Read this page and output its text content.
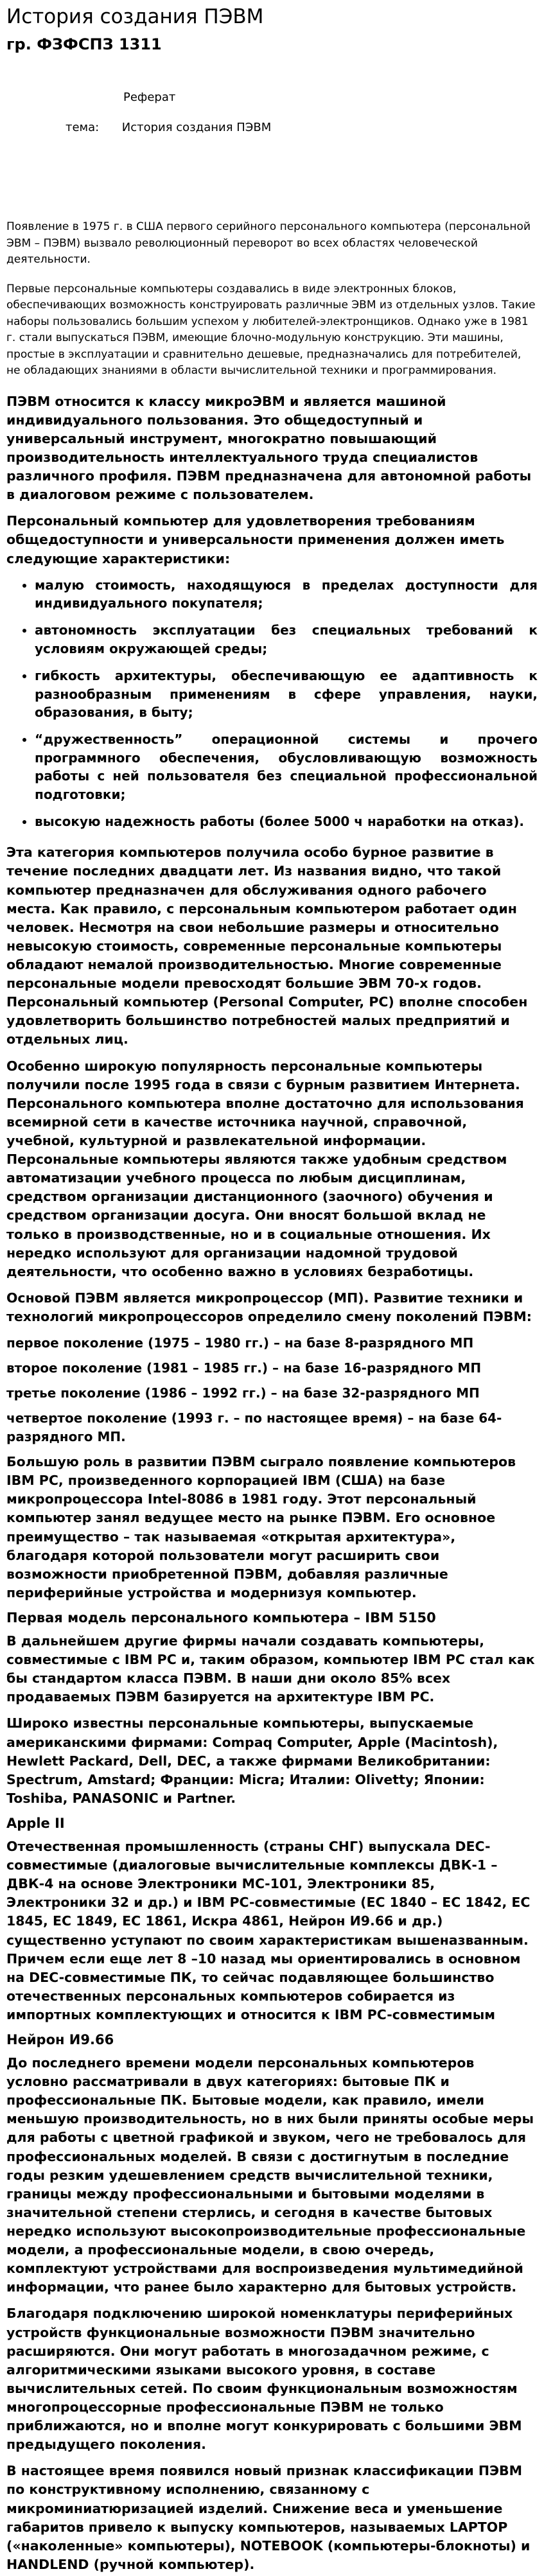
История создания ПЭВМ
гр. ФЗФСПЗ 1311
Реферат
тема: История создания ПЭВМ

Появление в 1975 г. в США первого серийного персонального компьютера (персональной ЭВМ – ПЭВМ) вызвало революционный переворот во всех областях человеческой деятельности.

Первые персональные компьютеры создавались в виде электронных блоков, обеспечивающих возможность конструировать различные ЭВМ из отдельных узлов. Такие наборы пользовались большим успехом у любителей-электронщиков. Однако уже в 1981 г. стали выпускаться ПЭВМ, имеющие блочно-модульную конструкцию. Эти машины, простые в эксплуатации и сравнительно дешевые, предназначались для потребителей, не обладающих знаниями в области вычислительной техники и программирования.

ПЭВМ относится к классу микроЭВМ и является машиной индивидуального пользования. Это общедоступный и универсальный инструмент, многократно повышающий производительность интеллектуального труда специалистов различного профиля. ПЭВМ предназначена для автономной работы в диалоговом режиме с пользователем.

Персональный компьютер для удовлетворения требованиям общедоступности и универсальности применения должен иметь следующие характеристики:

• малую стоимость, находящуюся в пределах доступности для индивидуального покупателя;
• автономность эксплуатации без специальных требований к условиям окружающей среды;
• гибкость архитектуры, обеспечивающую ее адаптивность к разнообразным применениям в сфере управления, науки, образования, в быту;
• “дружественность” операционной системы и прочего программного обеспечения, обусловливающую возможность работы с ней пользователя без специальной профессиональной подготовки;
• высокую надежность работы (более 5000 ч наработки на отказ).

Эта категория компьютеров получила особо бурное развитие в течение последних двадцати лет. Из названия видно, что такой компьютер предназначен для обслуживания одного рабочего места. Как правило, с персональным компьютером работает один человек. Несмотря на свои небольшие размеры и относительно невысокую стоимость, современные персональные компьютеры обладают немалой производительностью. Многие современные персональные модели превосходят большие ЭВМ 70-х годов. Персональный компьютер (Personal Computer, PC) вполне способен удовлетворить большинство потребностей малых предприятий и отдельных лиц.

Особенно широкую популярность персональные компьютеры получили после 1995 года в связи с бурным развитием Интернета. Персонального компьютера вполне достаточно для использования всемирной сети в качестве источника научной, справочной, учебной, культурной и развлекательной информации. Персональные компьютеры являются также удобным средством автоматизации учебного процесса по любым дисциплинам, средством организации дистанционного (заочного) обучения и средством организации досуга. Они вносят большой вклад не только в производственные, но и в социальные отношения. Их нередко используют для организации надомной трудовой деятельности, что особенно важно в условиях безработицы.

Основой ПЭВМ является микропроцессор (МП). Развитие техники и технологий микропроцессоров определило смену поколений ПЭВМ:

первое поколение (1975 – 1980 гг.) – на базе 8-разрядного МП

второе поколение (1981 – 1985 гг.) – на базе 16-разрядного МП

третье поколение (1986 – 1992 гг.) – на базе 32-разрядного МП

четвертое поколение (1993 г. – по настоящее время) – на базе 64-разрядного МП.

Большую роль в развитии ПЭВМ сыграло появление компьютеров IBM PC, произведенного корпорацией IBM (США) на базе микропроцессора Intel-8086 в 1981 году. Этот персональный компьютер занял ведущее место на рынке ПЭВМ. Его основное преимущество – так называемая «открытая архитектура», благодаря которой пользователи могут расширить свои возможности приобретенной ПЭВМ, добавляя различные периферийные устройства и модернизуя компьютер.

Первая модель персонального компьютера – IBM 5150

В дальнейшем другие фирмы начали создавать компьютеры, совместимые с IBM PC и, таким образом, компьютер IBM PC стал как бы стандартом класса ПЭВМ. В наши дни около 85% всех продаваемых ПЭВМ базируется на архитектуре IBM PC.

Широко известны персональные компьютеры, выпускаемые американскими фирмами: Compaq Computer, Apple (Macintosh), Hewlett Packard, Dell, DEC, а также фирмами Великобритании: Spectrum, Amstard; Франции: Micra; Италии: Olivetty; Японии: Toshiba, PANASONIC и Partner.

Apple II

Отечественная промышленность (страны СНГ) выпускала DEC-совместимые (диалоговые вычислительные комплексы ДВК-1 – ДВК-4 на основе Электроники МС-101, Электроники 85, Электроники 32 и др.) и IBM PC-совместимые (ЕС 1840 – ЕС 1842, ЕС 1845, ЕС 1849, ЕС 1861, Искра 4861, Нейрон И9.66 и др.) существенно уступают по своим характеристикам вышеназванным. Причем если еще лет 8 –10 назад мы ориентировались в основном на DEC-совместимые ПК, то сейчас подавляющее большинство отечественных персональных компьютеров собирается из импортных комплектующих и относится к IBM PC-совместимым

Нейрон И9.66

До последнего времени модели персональных компьютеров условно рассматривали в двух категориях: бытовые ПК и профессиональные ПК. Бытовые модели, как правило, имели меньшую производительность, но в них были приняты особые меры для работы с цветной графикой и звуком, чего не требовалось для профессиональных моделей. В связи с достигнутым в последние годы резким удешевлением средств вычислительной техники, границы между профессиональными и бытовыми моделями в значительной степени стерлись, и сегодня в качестве бытовых нередко используют высокопроизводительные профессиональные модели, а профессиональные модели, в свою очередь, комплектуют устройствами для воспроизведения мультимедийной информации, что ранее было характерно для бытовых устройств.

Благодаря подключению широкой номенклатуры периферийных устройств функциональные возможности ПЭВМ значительно расширяются. Они могут работать в многозадачном режиме, с алгоритмическими языками высокого уровня, в составе вычислительных сетей. По своим функциональным возможностям многопроцессорные профессиональные ПЭВМ не только приближаются, но и вполне могут конкурировать с большими ЭВМ предыдущего поколения.

В настоящее время появился новый признак классификации ПЭВМ по конструктивному исполнению, связанному с микроминиатюризацией изделий. Снижение веса и уменьшение габаритов привело к выпуску компьютеров, называемых LAPTOP («наколенные» компьютеры), NOTEBOOK (компьютеры-блокноты) и HANDLEND (ручной компьютер).
